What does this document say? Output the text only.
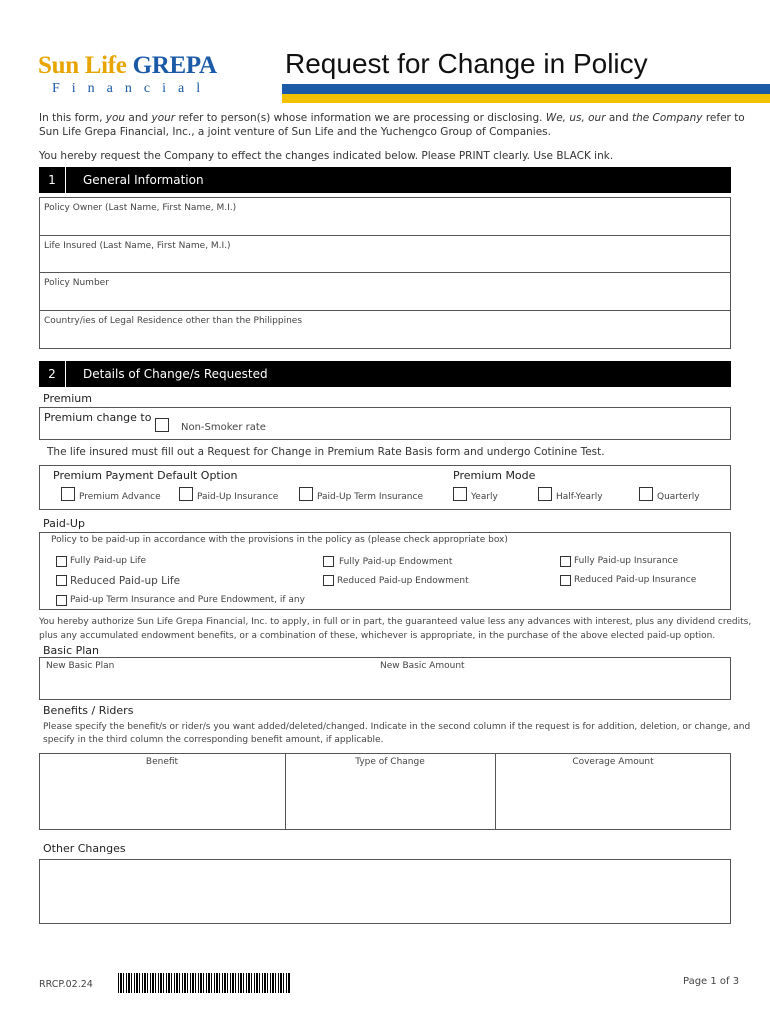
Sun Life GREPA
Financial
Request for Change in Policy
In this form, you and your refer to person(s) whose information we are processing or disclosing. We, us, our and the Company refer to
Sun Life Grepa Financial, Inc., a joint venture of Sun Life and the Yuchengco Group of Companies.
You hereby request the Company to effect the changes indicated below. Please PRINT clearly. Use BLACK ink.
1	General Information
Policy Owner (Last Name, First Name, M.I.)
Life Insured (Last Name, First Name, M.I.)
Policy Number
Country/ies of Legal Residence other than the Philippines
2	Details of Change/s Requested
Premium
Premium change to
Non-Smoker rate
The life insured must fill out a Request for Change in Premium Rate Basis form and undergo Cotinine Test.
Premium Payment Default Option	Premium Mode
Premium Advance	Paid-Up Insurance	Paid-Up Term Insurance	Yearly	Half-Yearly	Quarterly
Paid-Up
Policy to be paid-up in accordance with the provisions in the policy as (please check appropriate box)
Fully Paid-up Life	Fully Paid-up Endowment	Fully Paid-up Insurance
Reduced Paid-up Life	Reduced Paid-up Endowment	Reduced Paid-up Insurance
Paid-up Term Insurance and Pure Endowment, if any
You hereby authorize Sun Life Grepa Financial, Inc. to apply, in full or in part, the guaranteed value less any advances with interest, plus any dividend credits,
plus any accumulated endowment benefits, or a combination of these, whichever is appropriate, in the purchase of the above elected paid-up option.
Basic Plan
New Basic Plan	New Basic Amount
Benefits / Riders
Please specify the benefit/s or rider/s you want added/deleted/changed. Indicate in the second column if the request is for addition, deletion, or change, and
specify in the third column the corresponding benefit amount, if applicable.
Benefit	Type of Change	Coverage Amount
Other Changes
RRCP.02.24	Page 1 of 3
